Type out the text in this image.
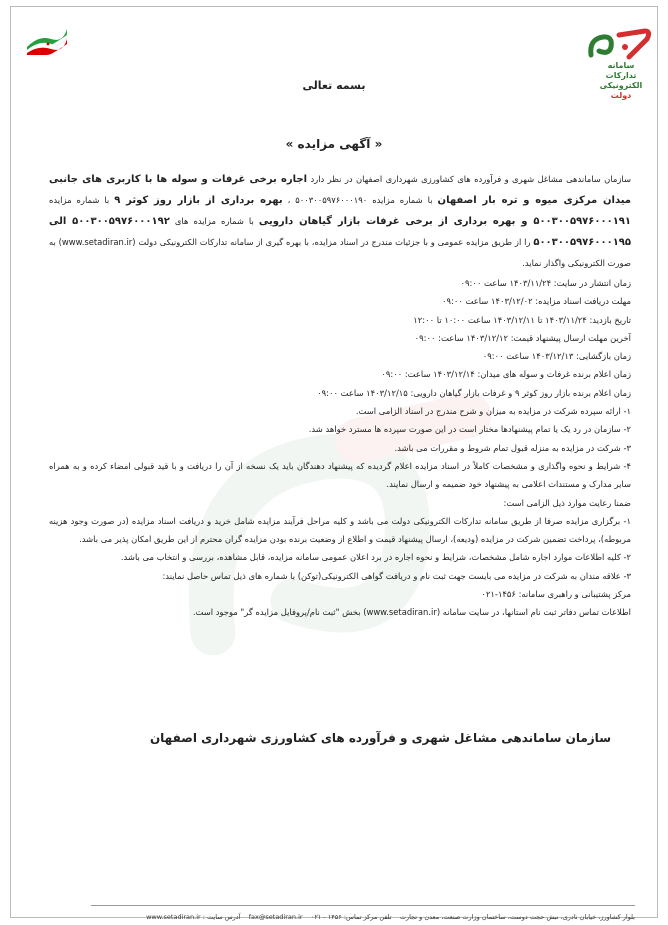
سامانه
تدارکات
الکترونیکی
دولت
بسمه تعالی
« آگهی مزایده »

سازمان ساماندهی مشاغل شهری و فرآورده های کشاورزی شهرداری اصفهان در نظر دارد اجاره برخی غرفات و سوله ها با کاربری های جانبی میدان مرکزی میوه و تره بار اصفهان با شماره مزایده ۵۰۰۳۰۰۵۹۷۶۰۰۰۱۹۰ ، بهره برداری از بازار روز کوثر ۹ با شماره مزایده ۵۰۰۳۰۰۵۹۷۶۰۰۰۱۹۱ و بهره برداری از برخی غرفات بازار گیاهان دارویی با شماره مزایده های ۵۰۰۳۰۰۵۹۷۶۰۰۰۱۹۲ الی ۵۰۰۳۰۰۵۹۷۶۰۰۰۱۹۵ را از طریق مزایده عمومی و با جزئیات مندرج در اسناد مزایده، با بهره گیری از سامانه تدارکات الکترونیکی دولت (www.setadiran.ir) به صورت الکترونیکی واگذار نماید.

زمان انتشار در سایت: ۱۴۰۳/۱۱/۲۴ ساعت ۰۹:۰۰

مهلت دریافت اسناد مزایده: ۱۴۰۳/۱۲/۰۲ ساعت ۰۹:۰۰

تاریخ بازدید: ۱۴۰۳/۱۱/۲۴ تا ۱۴۰۳/۱۲/۱۱ ساعت ۱۰:۰۰ تا ۱۲:۰۰

آخرین مهلت ارسال پیشنهاد قیمت: ۱۴۰۳/۱۲/۱۲ ساعت: ۰۹:۰۰

زمان بازگشایی: ۱۴۰۳/۱۲/۱۳ ساعت ۰۹:۰۰

زمان اعلام برنده غرفات و سوله های میدان: ۱۴۰۳/۱۲/۱۴ ساعت: ۰۹:۰۰

زمان اعلام برنده بازار روز کوثر ۹ و غرفات بازار گیاهان دارویی: ۱۴۰۳/۱۲/۱۵ ساعت ۰۹:۰۰

۱- ارائه سپرده شرکت در مزایده به میزان و شرح مندرج در اسناد الزامی است.

۲- سازمان در رد یک یا تمام پیشنهادها مختار است در این صورت سپرده ها مسترد خواهد شد.

۳- شرکت در مزایده به منزله قبول تمام شروط و مقررات می باشد.

۴- شرایط و نحوه واگذاری و مشخصات کاملاً در اسناد مزایده اعلام گردیده که پیشنهاد دهندگان باید یک نسخه از آن را دریافت و با قید قبولی امضاء کرده و به همراه سایر مدارک و مستندات اعلامی به پیشنهاد خود ضمیمه و ارسال نمایند.

ضمنا رعایت موارد ذیل الزامی است:

۱- برگزاری مزایده صرفا از طریق سامانه تدارکات الکترونیکی دولت می باشد و کلیه مراحل فرآیند مزایده شامل خرید و دریافت اسناد مزایده (در صورت وجود هزینه مربوطه)، پرداخت تضمین شرکت در مزایده (ودیعه)، ارسال پیشنهاد قیمت و اطلاع از وضعیت برنده بودن مزایده گران محترم از این طریق امکان پذیر می باشد.

۲- کلیه اطلاعات موارد اجاره شامل مشخصات، شرایط و نحوه اجاره در برد اعلان عمومی سامانه مزایده، قابل مشاهده، بررسی و انتخاب می باشد.

۳- علاقه مندان به شرکت در مزایده می بایست جهت ثبت نام و دریافت گواهی الکترونیکی(توکن) با شماره های ذیل تماس حاصل نمایند:

مرکز پشتیبانی و راهبری سامانه: ۱۴۵۶-۰۲۱

اطلاعات تماس دفاتر ثبت نام استانها، در سایت سامانه (www.setadiran.ir) بخش "ثبت نام/پروفایل مزایده گر" موجود است.

سازمان ساماندهی مشاغل شهری و فرآورده های کشاورزی شهرداری اصفهان
بلوار کشاورز، خیابان نادری، نبش حجت دوست، ساختمان وزارت صنعت، معدن و تجارت    تلفن مرکز تماس: ۱۴۵۶ - ۰۲۱    fax@setadiran.ir    آدرس سایت : www.setadiran.ir
